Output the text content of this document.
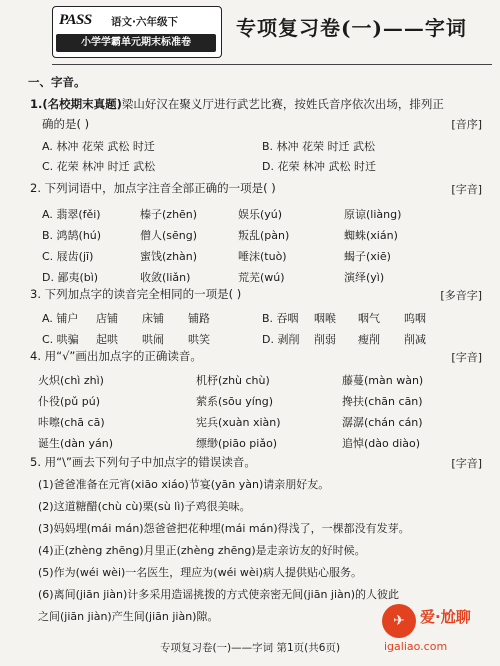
PASS 语文·六年级下
小学学霸单元期末标准卷
专项复习卷(一)——字词
一、字音。
1.(名校期末真题)梁山好汉在聚义厅进行武艺比赛，按姓氏音序依次出场，排列正
确的是( )	[音序]
A. 林冲 花荣 武松 时迁	B. 林冲 花荣 时迁 武松
C. 花荣 林冲 时迁 武松	D. 花荣 林冲 武松 时迁
2. 下列词语中，加点字注音全部正确的一项是( )	[字音]
A. 翡翠(fěi)	榛子(zhēn)	娱乐(yú)	原谅(liàng)
B. 鸿鹄(hú)	僧人(sēng)	叛乱(pàn)	蜘蛛(xián)
C. 屐齿(jī)	蜜饯(zhàn)	唾沫(tuò)	蝎子(xiē)
D. 鄙夷(bì)	收敛(liǎn)	荒芜(wú)	演绎(yì)
3. 下列加点字的读音完全相同的一项是( )	[多音字]
A. 铺户 店铺 床铺 铺路	B. 吞咽 咽喉 咽气 呜咽
C. 哄骗 起哄 哄闹 哄笑	D. 剥削 削弱 瘦削 削减
4. 用“√”画出加点字的正确读音。	[字音]
火炽(chì zhì)	机杼(zhù chù)	藤蔓(màn wàn)
仆役(pǔ pú)	萦系(sōu yíng)	搀扶(chān cān)
咔嚓(chā cā)	宪兵(xuàn xiàn)	潺潺(chán cán)
诞生(dàn yán)	缥缈(piāo piǎo)	追悼(dào diào)
5. 用“\”画去下列句子中加点字的错误读音。	[字音]
(1)爸爸准备在元宵(xiāo xiáo)节宴(yān yàn)请亲朋好友。
(2)这道糖醋(chù cù)栗(sù lì)子鸡很美味。
(3)妈妈埋(mái mán)怨爸爸把花种埋(mái mán)得浅了，一棵都没有发芽。
(4)正(zhèng zhēng)月里正(zhèng zhēng)是走亲访友的好时候。
(5)作为(wéi wèi)一名医生，理应为(wéi wèi)病人提供贴心服务。
(6)离间(jiān jiàn)计多采用造谣挑拨的方式使亲密无间(jiān jiàn)的人彼此
之间(jiān jiàn)产生间(jiān jiàn)隙。
专项复习卷(一)——字词 第1页(共6页)
✈	爱·尬聊
igaliao.com
